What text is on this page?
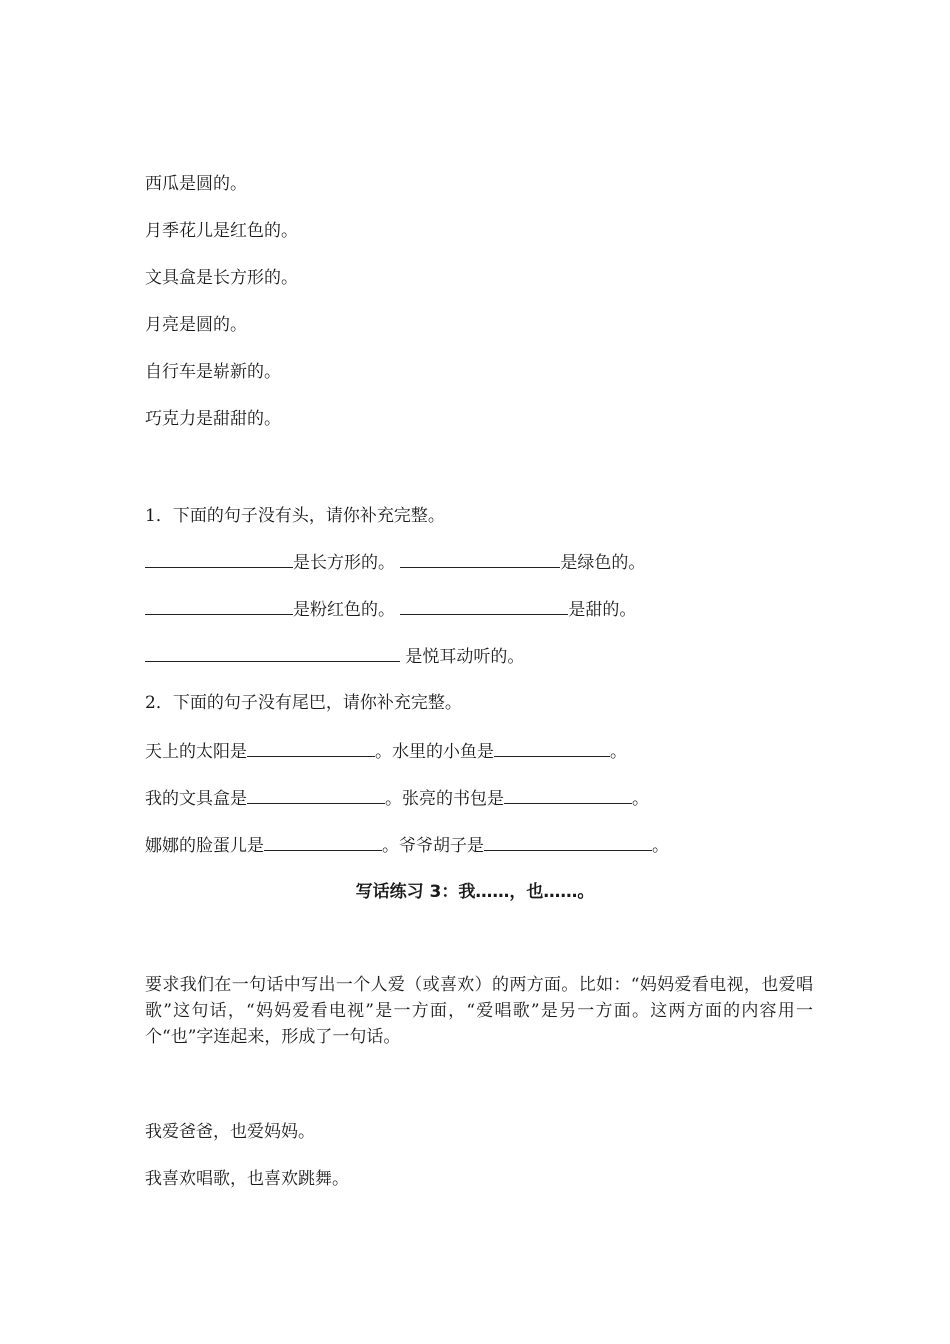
西瓜是圆的。
月季花儿是红色的。
文具盒是长方形的。
月亮是圆的。
自行车是崭新的。
巧克力是甜甜的。
1．下面的句子没有头，请你补充完整。
是长方形的。	是绿色的。
是粉红色的。	是甜的。
是悦耳动听的。
2．下面的句子没有尾巴，请你补充完整。
天上的太阳是	。水里的小鱼是	。
我的文具盒是	。张亮的书包是	。
娜娜的脸蛋儿是	。爷爷胡子是	。
写话练习 3：我……，也……。
要求我们在一句话中写出一个人爱（或喜欢）的两方面。比如：“妈妈爱看电视，也爱唱歌”这句话，“妈妈爱看电视”是一方面，“爱唱歌”是另一方面。这两方面的内容用一个“也”字连起来，形成了一句话。
我爱爸爸，也爱妈妈。
我喜欢唱歌，也喜欢跳舞。
